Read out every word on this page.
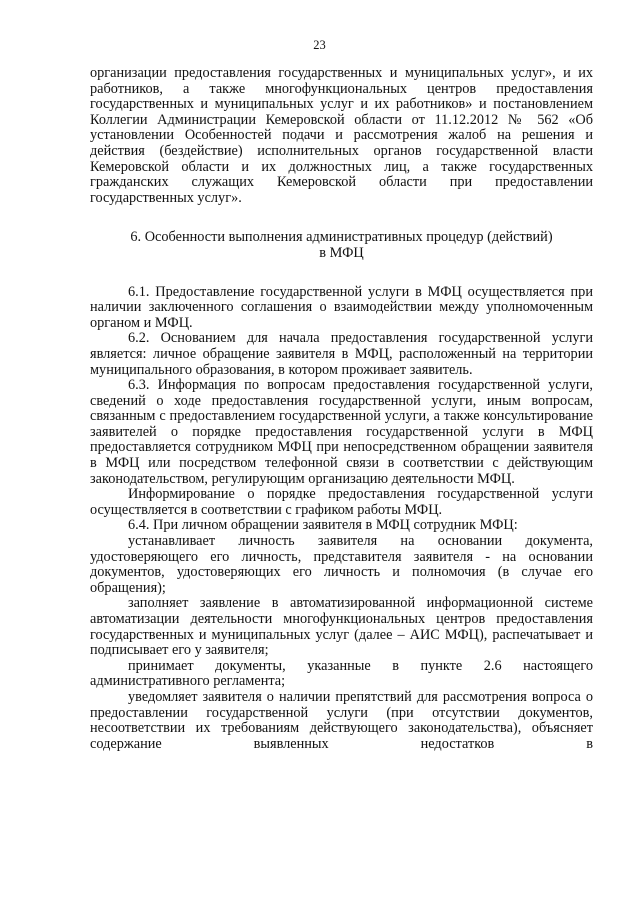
23

организации предоставления государственных и муниципальных услуг», и их работников, а также многофункциональных центров предоставления государственных и муниципальных услуг и их работников» и постановлением Коллегии Администрации Кемеровской области от 11.12.2012 № 562 «Об установлении Особенностей подачи и рассмотрения жалоб на решения и действия (бездействие) исполнительных органов государственной власти Кемеровской области и их должностных лиц, а также государственных гражданских служащих Кемеровской области при предоставлении государственных услуг».

6. Особенности выполнения административных процедур (действий)
в МФЦ

6.1. Предоставление государственной услуги в МФЦ осуществляется при наличии заключенного соглашения о взаимодействии между уполномоченным органом и МФЦ.

6.2. Основанием для начала предоставления государственной услуги является: личное обращение заявителя в МФЦ, расположенный на территории муниципального образования, в котором проживает заявитель.

6.3. Информация по вопросам предоставления государственной услуги, сведений о ходе предоставления государственной услуги, иным вопросам, связанным с предоставлением государственной услуги, а также консультирование заявителей о порядке предоставления государственной услуги в МФЦ предоставляется сотрудником МФЦ при непосредственном обращении заявителя в МФЦ или посредством телефонной связи в соответствии с действующим законодательством, регулирующим организацию деятельности МФЦ.

Информирование о порядке предоставления государственной услуги осуществляется в соответствии с графиком работы МФЦ.

6.4. При личном обращении заявителя в МФЦ сотрудник МФЦ:

устанавливает личность заявителя на основании документа, удостоверяющего его личность, представителя заявителя - на основании документов, удостоверяющих его личность и полномочия (в случае его обращения);

заполняет заявление в автоматизированной информационной системе автоматизации деятельности многофункциональных центров предоставления государственных и муниципальных услуг (далее – АИС МФЦ), распечатывает и подписывает его у заявителя;

принимает документы, указанные в пункте 2.6 настоящего административного регламента;

уведомляет заявителя о наличии препятствий для рассмотрения вопроса о предоставлении государственной услуги (при отсутствии документов, несоответствии их требованиям действующего законодательства), объясняет содержание выявленных недостатков в
